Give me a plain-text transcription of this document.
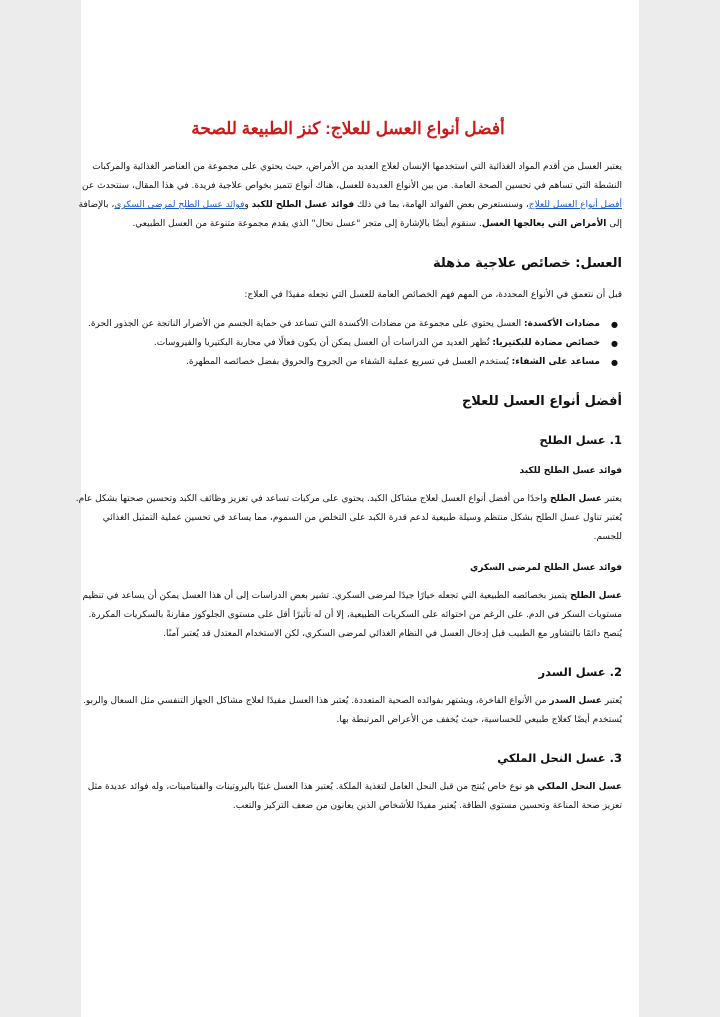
أفضل أنواع العسل للعلاج: كنز الطبيعة للصحة

يعتبر العسل من أقدم المواد الغذائية التي استخدمها الإنسان لعلاج العديد من الأمراض، حيث يحتوي على مجموعة من العناصر الغذائية والمركبات النشطة التي تساهم في تحسين الصحة العامة. من بين الأنواع العديدة للعسل، هناك أنواع تتميز بخواص علاجية فريدة. في هذا المقال، سنتحدث عن أفضل أنواع العسل للعلاج، وسنستعرض بعض الفوائد الهامة، بما في ذلك فوائد عسل الطلح للكبد وفوائد عسل الطلح لمرضى السكري، بالإضافة إلى الأمراض التي يعالجها العسل. سنقوم أيضًا بالإشارة إلى متجر "عسل نحال" الذي يقدم مجموعة متنوعة من العسل الطبيعي.

العسل: خصائص علاجية مذهلة

قبل أن نتعمق في الأنواع المحددة، من المهم فهم الخصائص العامة للعسل التي تجعله مفيدًا في العلاج:

● مضادات الأكسدة: العسل يحتوي على مجموعة من مضادات الأكسدة التي تساعد في حماية الجسم من الأضرار الناتجة عن الجذور الحرة.
● خصائص مضادة للبكتيريا: تُظهر العديد من الدراسات أن العسل يمكن أن يكون فعالًا في محاربة البكتيريا والفيروسات.
● مساعد على الشفاء: يُستخدم العسل في تسريع عملية الشفاء من الجروح والحروق بفضل خصائصه المطهرة.
أفضل أنواع العسل للعلاج
1. عسل الطلح
فوائد عسل الطلح للكبد

يعتبر عسل الطلح واحدًا من أفضل أنواع العسل لعلاج مشاكل الكبد. يحتوي على مركبات تساعد في تعزيز وظائف الكبد وتحسين صحتها بشكل عام. يُعتبر تناول عسل الطلح بشكل منتظم وسيلة طبيعية لدعم قدرة الكبد على التخلص من السموم، مما يساعد في تحسين عملية التمثيل الغذائي للجسم.

فوائد عسل الطلح لمرضى السكري

عسل الطلح يتميز بخصائصه الطبيعية التي تجعله خيارًا جيدًا لمرضى السكري. تشير بعض الدراسات إلى أن هذا العسل يمكن أن يساعد في تنظيم مستويات السكر في الدم. على الرغم من احتوائه على السكريات الطبيعية، إلا أن له تأثيرًا أقل على مستوى الجلوكوز مقارنةً بالسكريات المكررة. يُنصح دائمًا بالتشاور مع الطبيب قبل إدخال العسل في النظام الغذائي لمرضى السكري، لكن الاستخدام المعتدل قد يُعتبر آمنًا.

2. عسل السدر

يُعتبر عسل السدر من الأنواع الفاخرة، ويشتهر بفوائده الصحية المتعددة. يُعتبر هذا العسل مفيدًا لعلاج مشاكل الجهاز التنفسي مثل السعال والربو. يُستخدم أيضًا كعلاج طبيعي للحساسية، حيث يُخفف من الأعراض المرتبطة بها.

3. عسل النحل الملكي

عسل النحل الملكي هو نوع خاص يُنتج من قبل النحل العامل لتغذية الملكة. يُعتبر هذا العسل غنيًا بالبروتينات والفيتامينات، وله فوائد عديدة مثل تعزيز صحة المناعة وتحسين مستوى الطاقة. يُعتبر مفيدًا للأشخاص الذين يعانون من ضعف التركيز والتعب.
